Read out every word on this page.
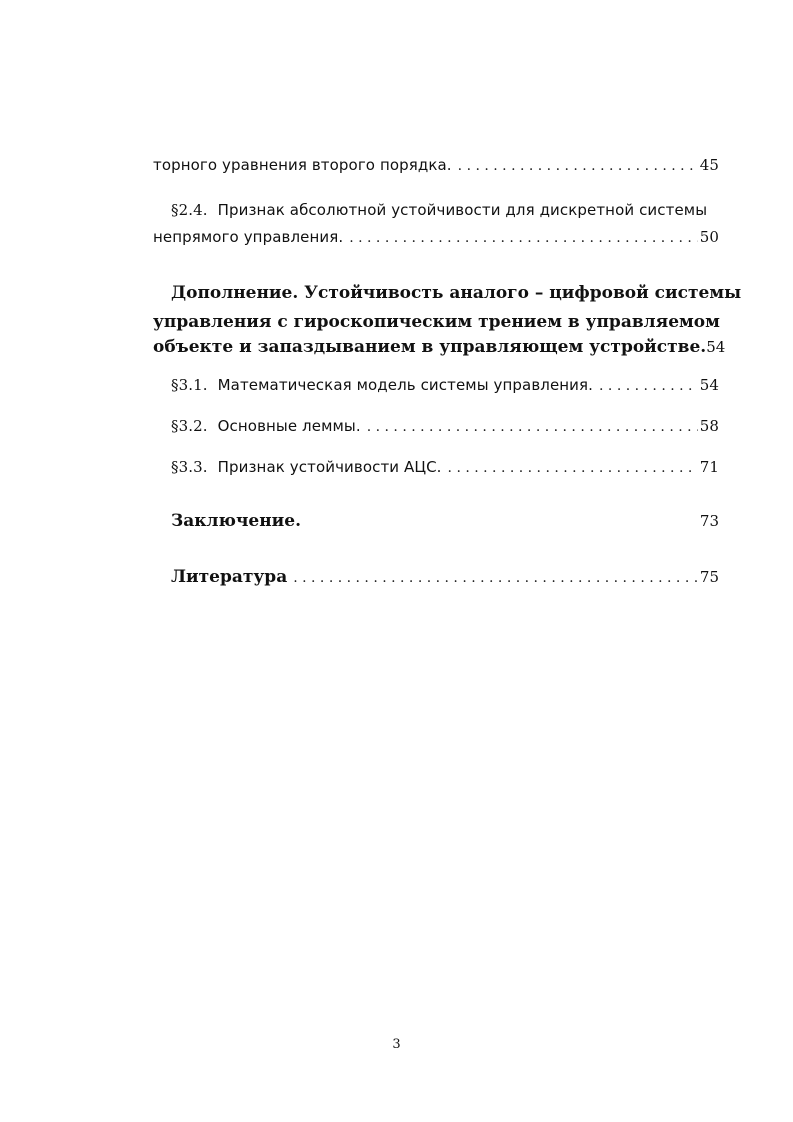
торного уравнения второго порядка. . . .	45
§2.4. Признак абсолютной устойчивости для дискретной системы
непрямого управления. . . .	50
Дополнение. Устойчивость аналого – цифровой системы
управления с гироскопическим трением в управляемом
объекте и запаздыванием в управляющем устройстве. 54
§3.1. Математическая модель системы управления. . . .	54
§3.2. Основные леммы. . . .	58
§3.3. Признак устойчивости АЦС. . . .	71
Заключение.	73
Литература . . .	75
3
